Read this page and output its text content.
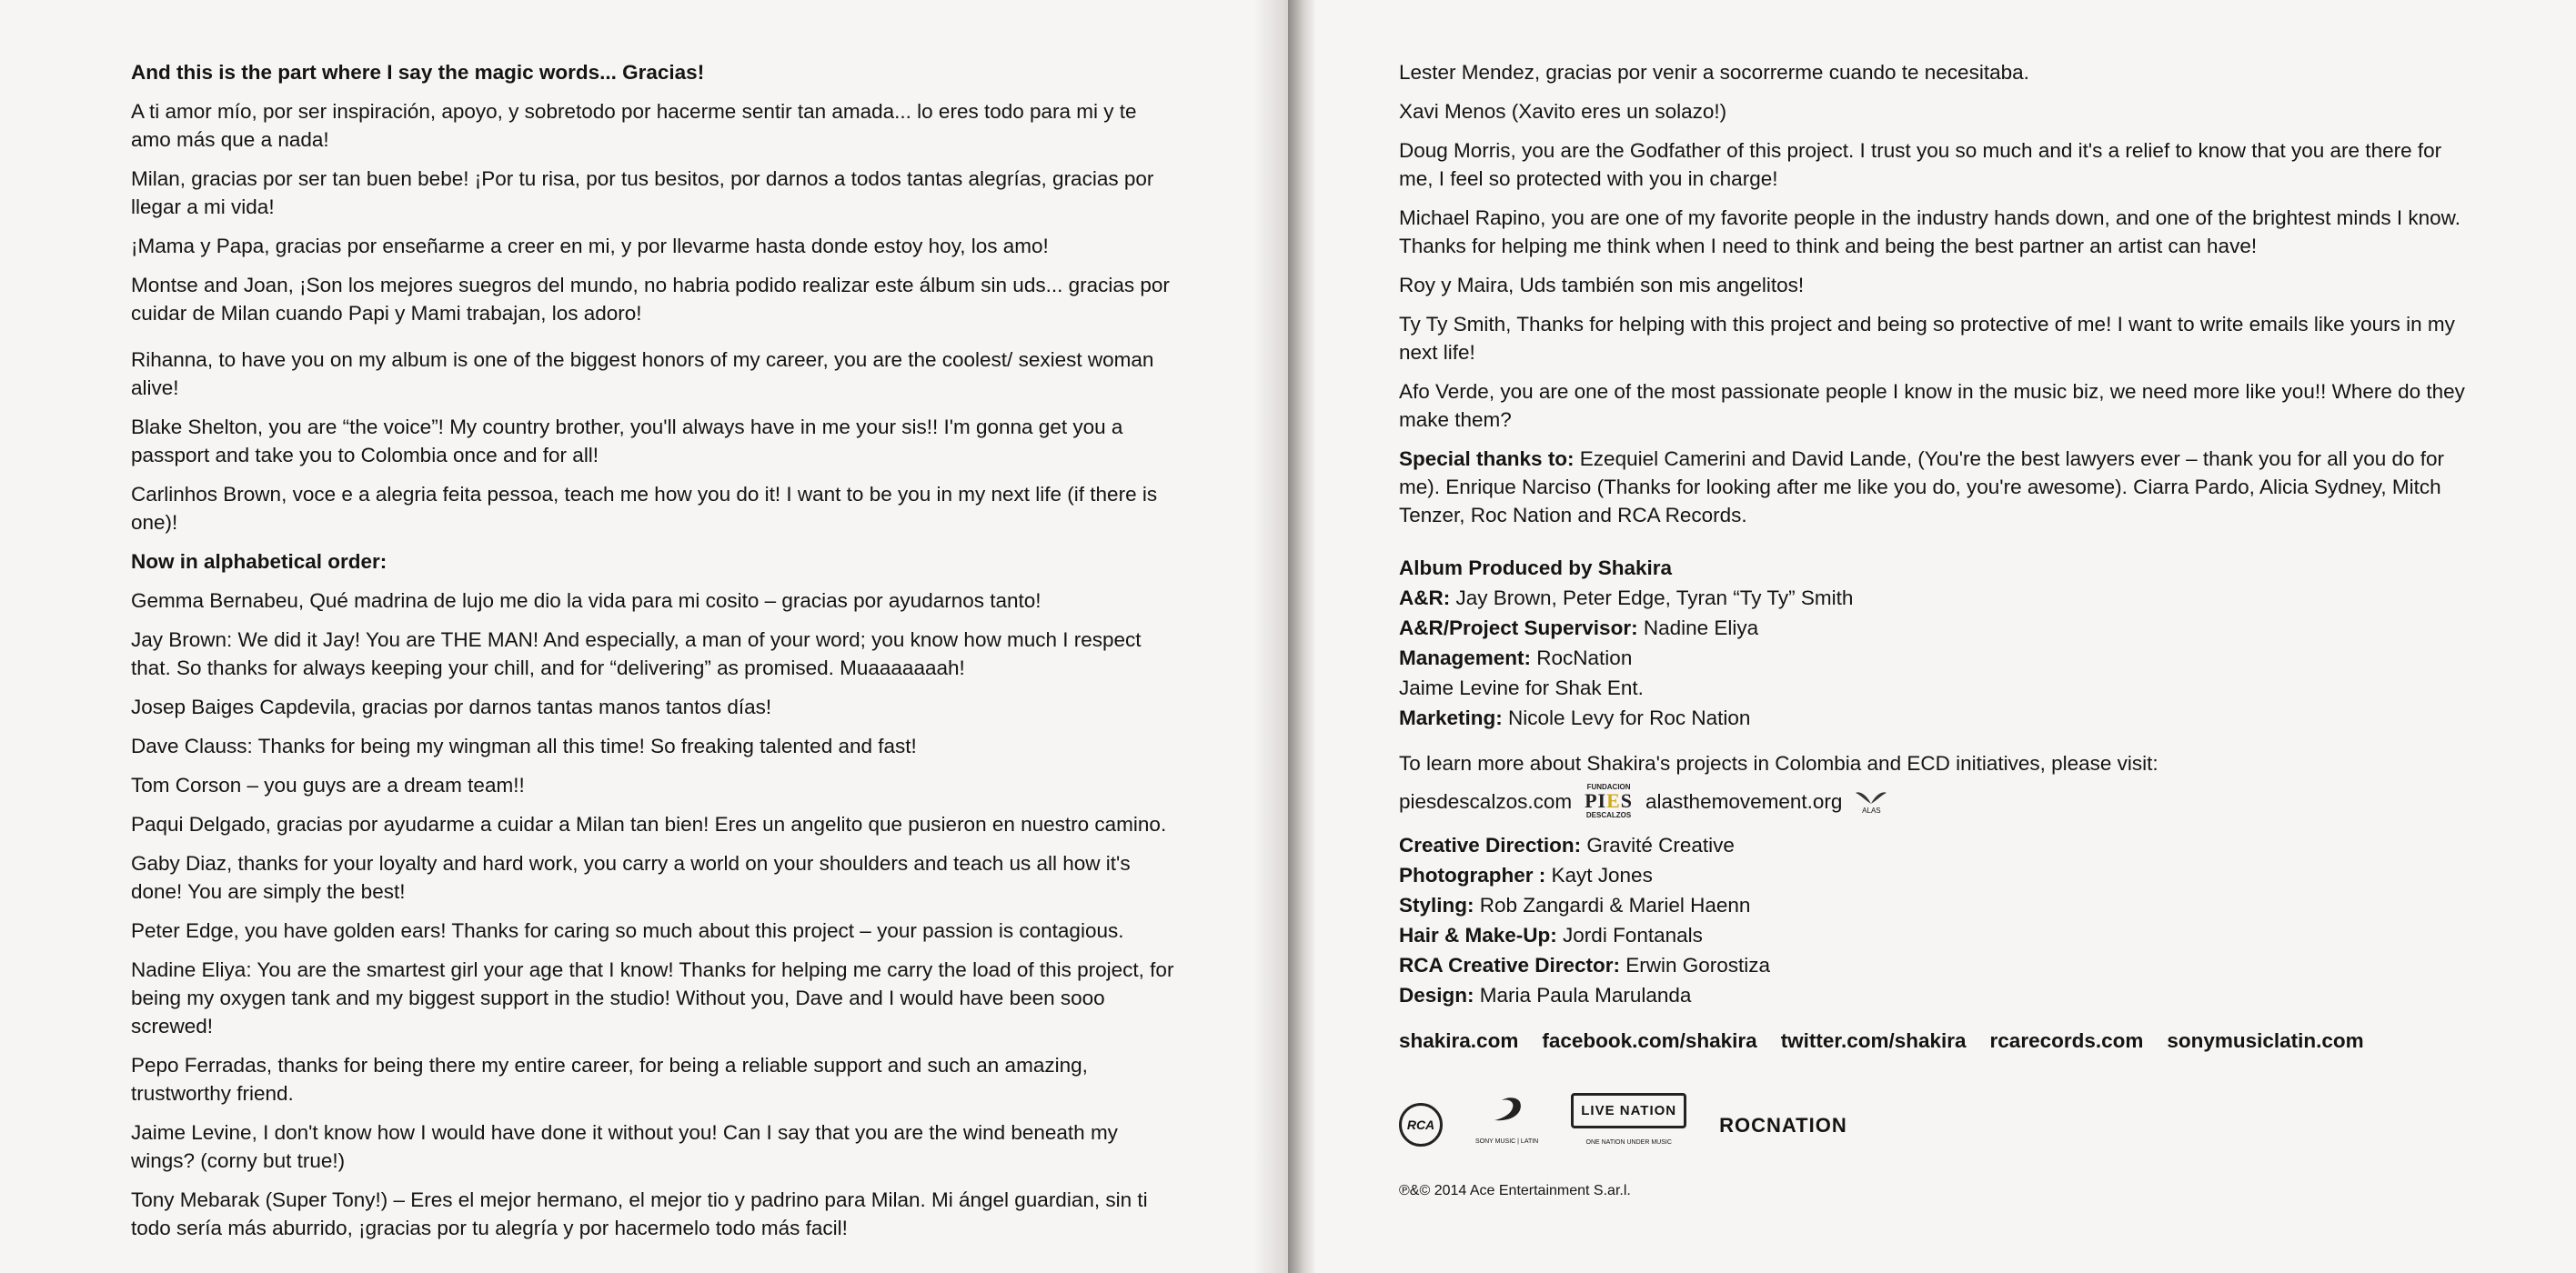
And this is the part where I say the magic words... Gracias!

A ti amor mío, por ser inspiración, apoyo, y sobretodo por hacerme sentir tan amada... lo eres todo para mi y te amo más que a nada!

Milan, gracias por ser tan buen bebe! ¡Por tu risa, por tus besitos, por darnos a todos tantas alegrías, gracias por llegar a mi vida!

¡Mama y Papa, gracias por enseñarme a creer en mi, y por llevarme hasta donde estoy hoy, los amo!

Montse and Joan, ¡Son los mejores suegros del mundo, no habria podido realizar este álbum sin uds... gracias por cuidar de Milan cuando Papi y Mami trabajan, los adoro!

Rihanna, to have you on my album is one of the biggest honors of my career, you are the coolest/ sexiest woman alive!

Blake Shelton, you are “the voice”! My country brother, you'll always have in me your sis!! I'm gonna get you a passport and take you to Colombia once and for all!

Carlinhos Brown, voce e a alegria feita pessoa, teach me how you do it! I want to be you in my next life (if there is one)!

Now in alphabetical order:

Gemma Bernabeu, Qué madrina de lujo me dio la vida para mi cosito – gracias por ayudarnos tanto!

Jay Brown: We did it Jay! You are THE MAN! And especially, a man of your word; you know how much I respect that. So thanks for always keeping your chill, and for “delivering” as promised. Muaaaaaaah!

Josep Baiges Capdevila, gracias por darnos tantas manos tantos días!

Dave Clauss: Thanks for being my wingman all this time! So freaking talented and fast!

Tom Corson – you guys are a dream team!!

Paqui Delgado, gracias por ayudarme a cuidar a Milan tan bien! Eres un angelito que pusieron en nuestro camino.

Gaby Diaz, thanks for your loyalty and hard work, you carry a world on your shoulders and teach us all how it's done! You are simply the best!

Peter Edge, you have golden ears! Thanks for caring so much about this project – your passion is contagious.

Nadine Eliya: You are the smartest girl your age that I know! Thanks for helping me carry the load of this project, for being my oxygen tank and my biggest support in the studio! Without you, Dave and I would have been sooo screwed!

Pepo Ferradas, thanks for being there my entire career, for being a reliable support and such an amazing, trustworthy friend.

Jaime Levine, I don't know how I would have done it without you! Can I say that you are the wind beneath my wings? (corny but true!)

Tony Mebarak (Super Tony!) – Eres el mejor hermano, el mejor tio y padrino para Milan. Mi ángel guardian, sin ti todo sería más aburrido, ¡gracias por tu alegría y por hacermelo todo más facil!

Lester Mendez, gracias por venir a socorrerme cuando te necesitaba.

Xavi Menos (Xavito eres un solazo!)

Doug Morris, you are the Godfather of this project. I trust you so much and it's a relief to know that you are there for me, I feel so protected with you in charge!

Michael Rapino, you are one of my favorite people in the industry hands down, and one of the brightest minds I know. Thanks for helping me think when I need to think and being the best partner an artist can have!

Roy y Maira, Uds también son mis angelitos!

Ty Ty Smith, Thanks for helping with this project and being so protective of me! I want to write emails like yours in my next life!

Afo Verde, you are one of the most passionate people I know in the music biz, we need more like you!! Where do they make them?

Special thanks to: Ezequiel Camerini and David Lande, (You're the best lawyers ever – thank you for all you do for me). Enrique Narciso (Thanks for looking after me like you do, you're awesome). Ciarra Pardo, Alicia Sydney, Mitch Tenzer, Roc Nation and RCA Records.

Album Produced by Shakira

A&R: Jay Brown, Peter Edge, Tyran “Ty Ty” Smith

A&R/Project Supervisor: Nadine Eliya

Management: RocNation

Jaime Levine for Shak Ent.

Marketing: Nicole Levy for Roc Nation

To learn more about Shakira's projects in Colombia and ECD initiatives, please visit:

piesdescalzos.com
FUNDACION
PIES
DESCALZOS
alasthemovement.org	ALAS

Creative Direction: Gravité Creative

Photographer : Kayt Jones

Styling: Rob Zangardi & Mariel Haenn

Hair & Make-Up: Jordi Fontanals

RCA Creative Director: Erwin Gorostiza

Design: Maria Paula Marulanda

shakira.com facebook.com/shakira twitter.com/shakira rcarecords.com sonymusiclatin.com
RCA
SONY MUSIC | LATIN
LIVE NATION
ONE NATION UNDER MUSIC
ROCNATION
℗&© 2014 Ace Entertainment S.ar.l.
